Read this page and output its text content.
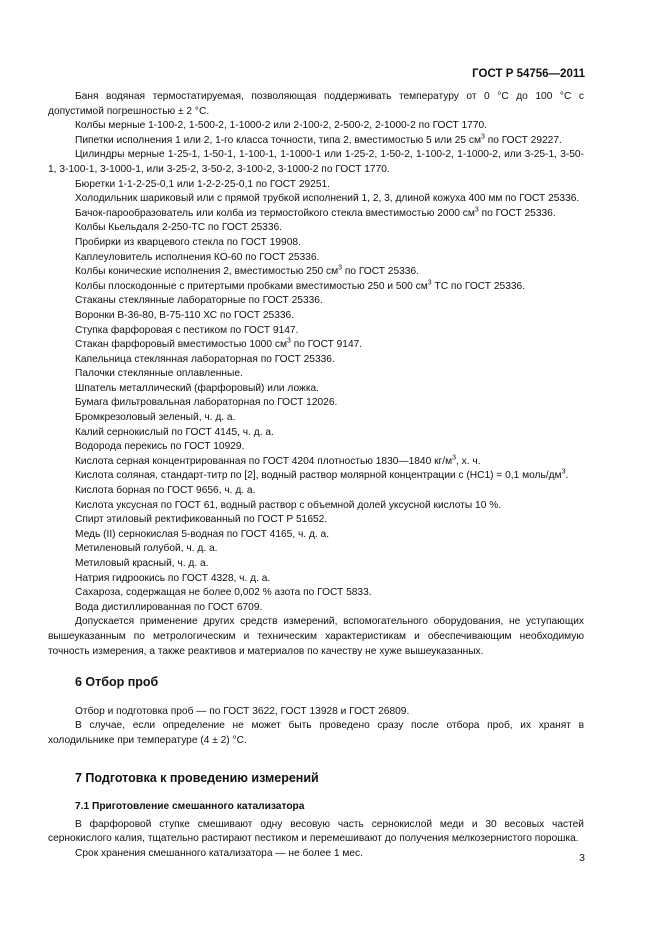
ГОСТ Р 54756—2011

Баня водяная термостатируемая, позволяющая поддерживать температуру от 0 °С до 100 °С с допустимой погрешностью ± 2 °С.

Колбы мерные 1-100-2, 1-500-2, 1-1000-2 или 2-100-2, 2-500-2, 2-1000-2 по ГОСТ 1770.

Пипетки исполнения 1 или 2, 1-го класса точности, типа 2, вместимостью 5 или 25 $см^3$ по ГОСТ 29227.

Цилиндры мерные 1-25-1, 1-50-1, 1-100-1, 1-1000-1 или 1-25-2, 1-50-2, 1-100-2, 1-1000-2, или 3-25-1, 3-50-1, 3-100-1, 3-1000-1, или 3-25-2, 3-50-2, 3-100-2, 3-1000-2 по ГОСТ 1770.

Бюретки 1-1-2-25-0,1 или 1-2-2-25-0,1 по ГОСТ 29251.

Холодильник шариковый или с прямой трубкой исполнений 1, 2, 3, длиной кожуха 400 мм по ГОСТ 25336.

Бачок-парообразователь или колба из термостойкого стекла вместимостью 2000 $см^3$ по ГОСТ 25336.

Колбы Кьельдаля 2-250-ТС по ГОСТ 25336.

Пробирки из кварцевого стекла по ГОСТ 19908.

Каплеуловитель исполнения КО-60 по ГОСТ 25336.

Колбы конические исполнения 2, вместимостью 250 $см^3$ по ГОСТ 25336.

Колбы плоскодонные с притертыми пробками вместимостью 250 и 500 $см^3$ ТС по ГОСТ 25336.

Стаканы стеклянные лабораторные по ГОСТ 25336.

Воронки В-36-80, В-75-110 ХС по ГОСТ 25336.

Ступка фарфоровая с пестиком по ГОСТ 9147.

Стакан фарфоровый вместимостью 1000 $см^3$ по ГОСТ 9147.

Капельница стеклянная лабораторная по ГОСТ 25336.

Палочки стеклянные оплавленные.

Шпатель металлический (фарфоровый) или ложка.

Бумага фильтровальная лабораторная по ГОСТ 12026.

Бромкрезоловый зеленый, ч. д. а.

Калий сернокислый по ГОСТ 4145, ч. д. а.

Водорода перекись по ГОСТ 10929.

Кислота серная концентрированная по ГОСТ 4204 плотностью 1830—1840 $кг/м^3$, х. ч.

Кислота соляная, стандарт-титр по [2], водный раствор молярной концентрации с (НС1) = 0,1 моль/$дм^3$.

Кислота борная по ГОСТ 9656, ч. д. а.

Кислота уксусная по ГОСТ 61, водный раствор с объемной долей уксусной кислоты 10 %.

Спирт этиловый ректификованный по ГОСТ Р 51652.

Медь (II) сернокислая 5-водная по ГОСТ 4165, ч. д. а.

Метиленовый голубой, ч. д. а.

Метиловый красный, ч. д. а.

Натрия гидроокись по ГОСТ 4328, ч. д. а.

Сахароза, содержащая не более 0,002 % азота по ГОСТ 5833.

Вода дистиллированная по ГОСТ 6709.

Допускается применение других средств измерений, вспомогательного оборудования, не уступающих вышеуказанным по метрологическим и техническим характеристикам и обеспечивающим необходимую точность измерения, а также реактивов и материалов по качеству не хуже вышеуказанных.

6 Отбор проб

Отбор и подготовка проб — по ГОСТ 3622, ГОСТ 13928 и ГОСТ 26809.

В случае, если определение не может быть проведено сразу после отбора проб, их хранят в холодильнике при температуре (4 ± 2) °С.

7 Подготовка к проведению измерений
7.1 Приготовление смешанного катализатора

В фарфоровой ступке смешивают одну весовую часть сернокислой меди и 30 весовых частей сернокислого калия, тщательно растирают пестиком и перемешивают до получения мелкозернистого порошка.

Срок хранения смешанного катализатора — не более 1 мес.	3
